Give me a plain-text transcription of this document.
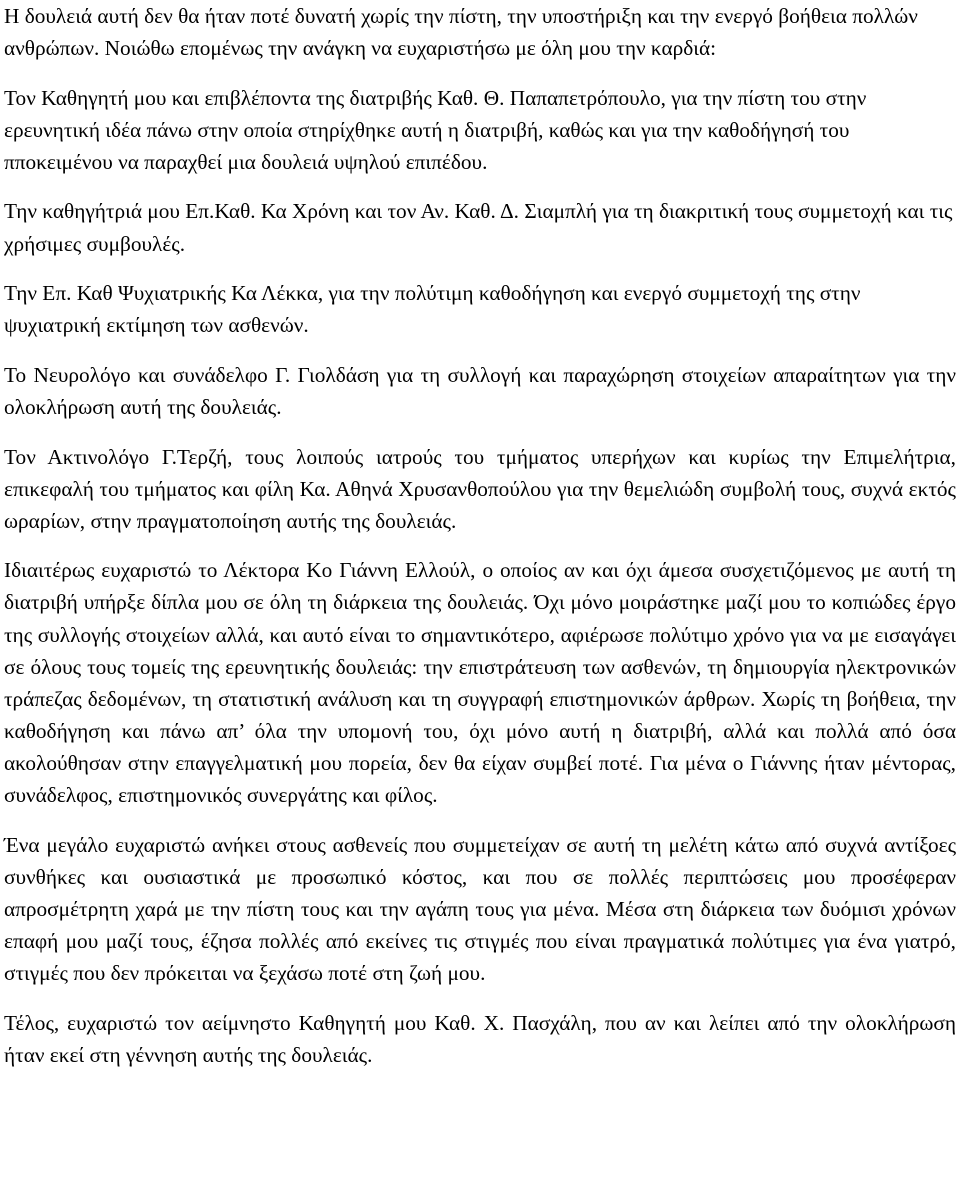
Η δουλειά αυτή δεν θα ήταν ποτέ δυνατή χωρίς την πίστη, την υποστήριξη και την ενεργό βοήθεια πολλών ανθρώπων. Νοιώθω επομένως την ανάγκη να ευχαριστήσω με όλη μου την καρδιά:

Τον Καθηγητή μου και επιβλέποντα της διατριβής Καθ. Θ. Παπαπετρόπουλο, για την πίστη του στην ερευνητική ιδέα πάνω στην οποία στηρίχθηκε αυτή η διατριβή, καθώς και για την καθοδήγησή του ππoκειμένου να παραχθεί μια δουλειά υψηλού επιπέδου.

Την καθηγήτριά μου Επ.Καθ. Κα Χρόνη και τον Αν. Καθ. Δ. Σιαμπλή για τη διακριτική τους συμμετοχή και τις χρήσιμες συμβουλές.

Την Επ. Καθ Ψυχιατρικής Κα Λέκκα, για την πολύτιμη καθοδήγηση και ενεργό συμμετοχή της στην ψυχιατρική εκτίμηση των ασθενών.

Το Νευρολόγο και συνάδελφο Γ. Γιολδάση για τη συλλογή και παραχώρηση στοιχείων απαραίτητων για την ολοκλήρωση αυτή της δουλειάς.

Τον Ακτινολόγο Γ.Τερζή, τους λοιπούς ιατρούς του τμήματος υπερήχων και κυρίως την Επιμελήτρια, επικεφαλή του τμήματος και φίλη Κα. Αθηνά Χρυσανθοπούλου για την θεμελιώδη συμβολή τους, συχνά εκτός ωραρίων, στην πραγματοποίηση αυτής της δουλειάς.

Ιδιαιτέρως ευχαριστώ το Λέκτορα Κο Γιάννη Ελλούλ, ο οποίος αν και όχι άμεσα συσχετιζόμενος με αυτή τη διατριβή υπήρξε δίπλα μου σε όλη τη διάρκεια της δουλειάς. Όχι μόνο μοιράστηκε μαζί μου το κοπιώδες έργο της συλλογής στοιχείων αλλά, και αυτό είναι το σημαντικότερο, αφιέρωσε πολύτιμο χρόνο για να με εισαγάγει σε όλους τους τομείς της ερευνητικής δουλειάς: την επιστράτευση των ασθενών, τη δημιουργία ηλεκτρονικών τράπεζας δεδομένων, τη στατιστική ανάλυση και τη συγγραφή επιστημονικών άρθρων. Χωρίς τη βοήθεια, την καθοδήγηση και πάνω απ’ όλα την υπομονή του, όχι μόνο αυτή η διατριβή, αλλά και πολλά από όσα ακολούθησαν στην επαγγελματική μου πορεία, δεν θα είχαν συμβεί ποτέ. Για μένα ο Γιάννης ήταν μέντορας, συνάδελφος, επιστημονικός συνεργάτης και φίλος.

Ένα μεγάλο ευχαριστώ ανήκει στους ασθενείς που συμμετείχαν σε αυτή τη μελέτη κάτω από συχνά αντίξοες συνθήκες και ουσιαστικά με προσωπικό κόστος, και που σε πολλές περιπτώσεις μου προσέφεραν απροσμέτρητη χαρά με την πίστη τους και την αγάπη τους για μένα. Μέσα στη διάρκεια των δυόμισι χρόνων επαφή μου μαζί τους, έζησα πολλές από εκείνες τις στιγμές που είναι πραγματικά πολύτιμες για ένα γιατρό, στιγμές που δεν πρόκειται να ξεχάσω ποτέ στη ζωή μου.

Τέλος, ευχαριστώ τον αείμνηστο Καθηγητή μου Καθ. Χ. Πασχάλη, που αν και λείπει από την ολοκλήρωση ήταν εκεί στη γέννηση αυτής της δουλειάς.
